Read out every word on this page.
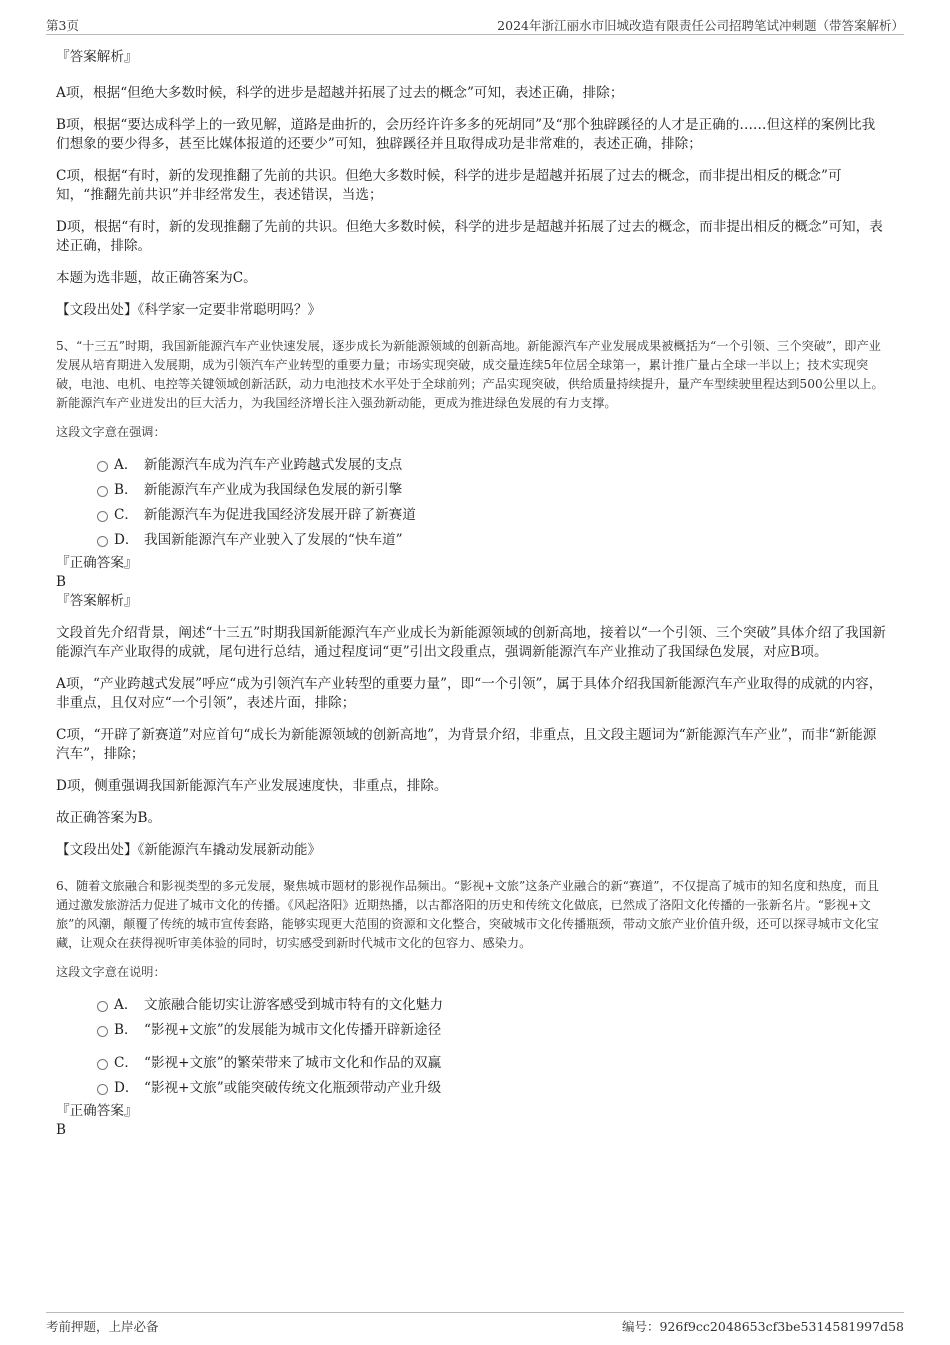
第3页	2024年浙江丽水市旧城改造有限责任公司招聘笔试冲刺题（带答案解析）

『答案解析』

A项，根据“但绝大多数时候，科学的进步是超越并拓展了过去的概念”可知，表述正确，排除；

B项，根据“要达成科学上的一致见解，道路是曲折的，会历经许许多多的死胡同”及“那个独辟蹊径的人才是正确的……但这样的案例比我们想象的要少得多，甚至比媒体报道的还要少”可知，独辟蹊径并且取得成功是非常难的，表述正确，排除；

C项，根据“有时，新的发现推翻了先前的共识。但绝大多数时候，科学的进步是超越并拓展了过去的概念，而非提出相反的概念”可知，“推翻先前共识”并非经常发生，表述错误，当选；

D项，根据“有时，新的发现推翻了先前的共识。但绝大多数时候，科学的进步是超越并拓展了过去的概念，而非提出相反的概念”可知，表述正确，排除。

本题为选非题，故正确答案为C。

【文段出处】《科学家一定要非常聪明吗？》

5、“十三五”时期，我国新能源汽车产业快速发展，逐步成长为新能源领域的创新高地。新能源汽车产业发展成果被概括为“一个引领、三个突破”，即产业发展从培育期进入发展期，成为引领汽车产业转型的重要力量；市场实现突破，成交量连续5年位居全球第一，累计推广量占全球一半以上；技术实现突破，电池、电机、电控等关键领域创新活跃，动力电池技术水平处于全球前列；产品实现突破，供给质量持续提升，量产车型续驶里程达到500公里以上。新能源汽车产业迸发出的巨大活力，为我国经济增长注入强劲新动能，更成为推进绿色发展的有力支撑。

这段文字意在强调：

A． 新能源汽车成为汽车产业跨越式发展的支点

B． 新能源汽车产业成为我国绿色发展的新引擎

C． 新能源汽车为促进我国经济发展开辟了新赛道

D． 我国新能源汽车产业驶入了发展的“快车道”

『正确答案』

B

『答案解析』

文段首先介绍背景，阐述“十三五”时期我国新能源汽车产业成长为新能源领域的创新高地，接着以“一个引领、三个突破”具体介绍了我国新能源汽车产业取得的成就，尾句进行总结，通过程度词“更”引出文段重点，强调新能源汽车产业推动了我国绿色发展，对应B项。

A项，“产业跨越式发展”呼应“成为引领汽车产业转型的重要力量”，即“一个引领”，属于具体介绍我国新能源汽车产业取得的成就的内容，非重点，且仅对应“一个引领”，表述片面，排除；

C项，“开辟了新赛道”对应首句“成长为新能源领域的创新高地”，为背景介绍，非重点，且文段主题词为“新能源汽车产业”，而非“新能源汽车”，排除；

D项，侧重强调我国新能源汽车产业发展速度快，非重点，排除。

故正确答案为B。

【文段出处】《新能源汽车撬动发展新动能》

6、随着文旅融合和影视类型的多元发展，聚焦城市题材的影视作品频出。“影视+文旅”这条产业融合的新“赛道”，不仅提高了城市的知名度和热度，而且通过激发旅游活力促进了城市文化的传播。《风起洛阳》近期热播，以古都洛阳的历史和传统文化做底，已然成了洛阳文化传播的一张新名片。“影视+文旅”的风潮，颠覆了传统的城市宣传套路，能够实现更大范围的资源和文化整合，突破城市文化传播瓶颈，带动文旅产业价值升级，还可以探寻城市文化宝藏，让观众在获得视听审美体验的同时，切实感受到新时代城市文化的包容力、感染力。

这段文字意在说明：

A． 文旅融合能切实让游客感受到城市特有的文化魅力

B． “影视+文旅”的发展能为城市文化传播开辟新途径

C． “影视+文旅”的繁荣带来了城市文化和作品的双赢

D． “影视+文旅”或能突破传统文化瓶颈带动产业升级

『正确答案』

B

考前押题，上岸必备	编号：926f9cc2048653cf3be5314581997d58
